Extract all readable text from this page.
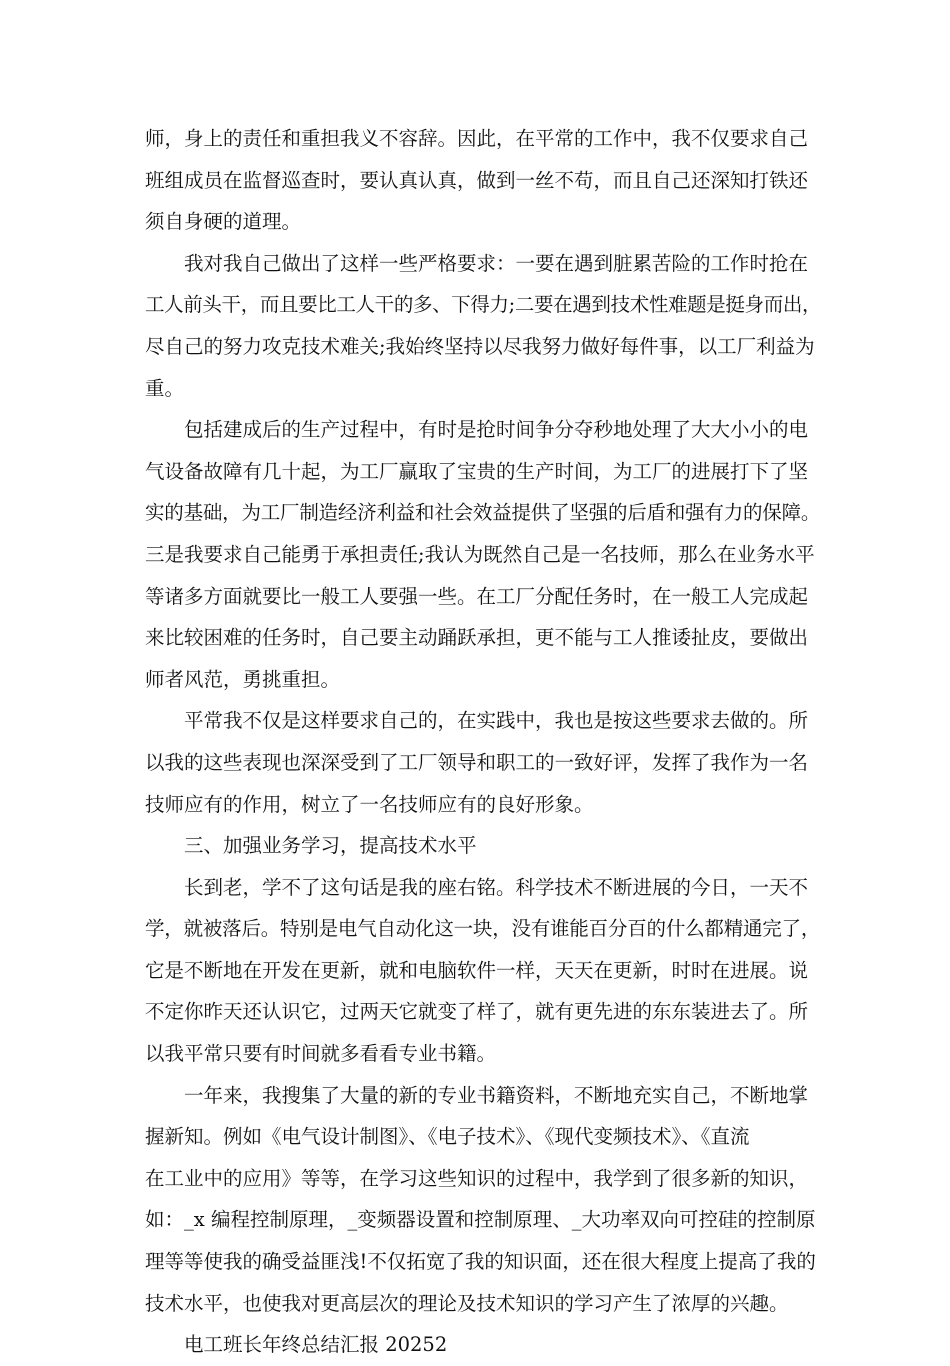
师，身上的责任和重担我义不容辞。因此，在平常的工作中，我不仅要求自己
班组成员在监督巡查时，要认真认真，做到一丝不苟，而且自己还深知打铁还
须自身硬的道理。
我对我自己做出了这样一些严格要求：一要在遇到脏累苦险的工作时抢在
工人前头干，而且要比工人干的多、下得力;二要在遇到技术性难题是挺身而出，
尽自己的努力攻克技术难关;我始终坚持以尽我努力做好每件事，以工厂利益为
重。
包括建成后的生产过程中，有时是抢时间争分夺秒地处理了大大小小的电
气设备故障有几十起，为工厂赢取了宝贵的生产时间，为工厂的进展打下了坚
实的基础，为工厂制造经济利益和社会效益提供了坚强的后盾和强有力的保障。
三是我要求自己能勇于承担责任;我认为既然自己是一名技师，那么在业务水平
等诸多方面就要比一般工人要强一些。在工厂分配任务时，在一般工人完成起
来比较困难的任务时，自己要主动踊跃承担，更不能与工人推诿扯皮，要做出
师者风范，勇挑重担。
平常我不仅是这样要求自己的，在实践中，我也是按这些要求去做的。所
以我的这些表现也深深受到了工厂领导和职工的一致好评，发挥了我作为一名
技师应有的作用，树立了一名技师应有的良好形象。
三、加强业务学习，提高技术水平
长到老，学不了这句话是我的座右铭。科学技术不断进展的今日，一天不
学，就被落后。特别是电气自动化这一块，没有谁能百分百的什么都精通完了，
它是不断地在开发在更新，就和电脑软件一样，天天在更新，时时在进展。说
不定你昨天还认识它，过两天它就变了样了，就有更先进的东东装进去了。所
以我平常只要有时间就多看看专业书籍。
一年来，我搜集了大量的新的专业书籍资料，不断地充实自己，不断地掌
握新知。例如《电气设计制图》、《电子技术》、《现代变频技术》、《直流
在工业中的应用》等等，在学习这些知识的过程中，我学到了很多新的知识，
如：_x 编程控制原理，_变频器设置和控制原理、_大功率双向可控硅的控制原
理等等使我的确受益匪浅!不仅拓宽了我的知识面，还在很大程度上提高了我的
技术水平，也使我对更高层次的理论及技术知识的学习产生了浓厚的兴趣。
电工班长年终总结汇报 20252
